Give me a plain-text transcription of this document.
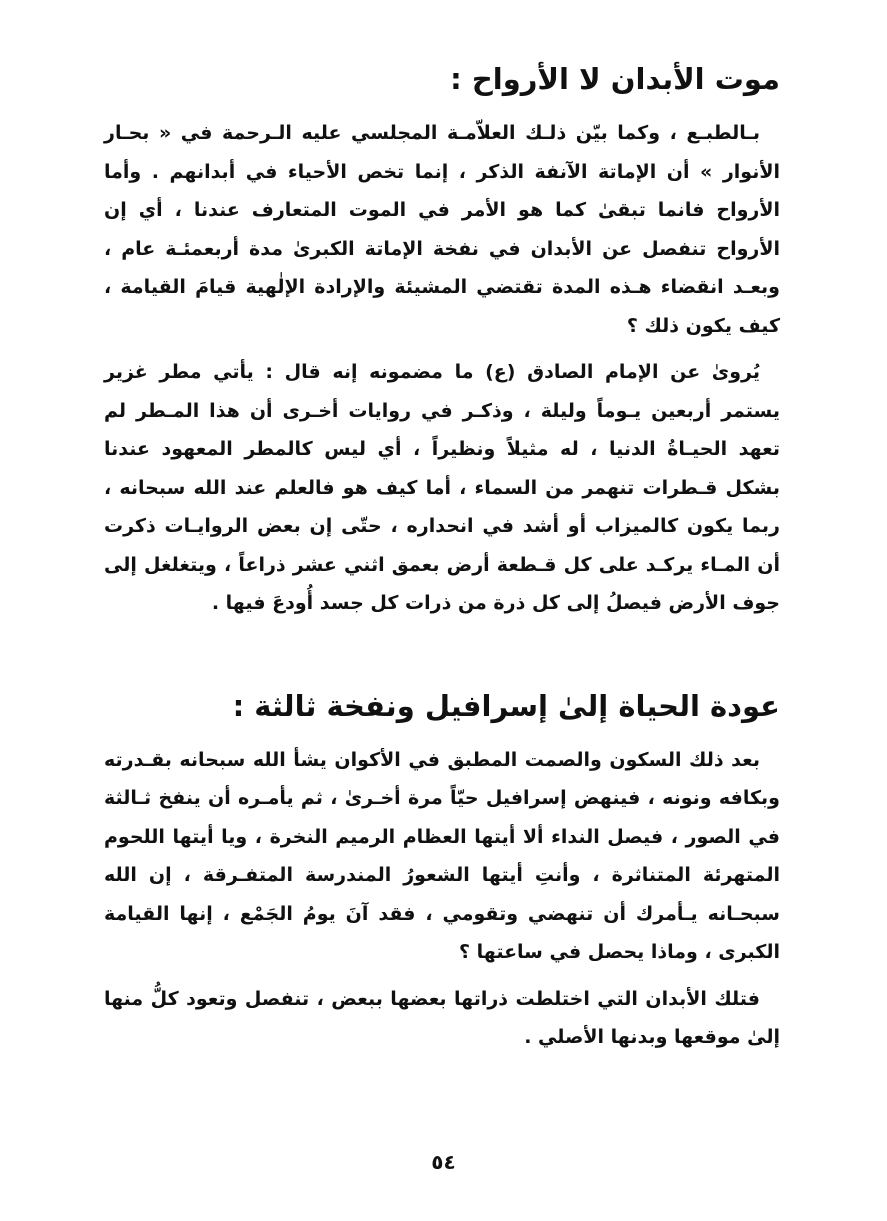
موت الأبدان لا الأرواح :

بـالطبـع ، وكما بيّن ذلـك العلاّمـة المجلسي عليه الـرحمة في « بحـار الأنوار » أن الإماتة الآنفة الذكر ، إنما تخص الأحياء في أبدانهم . وأما الأرواح فانما تبقىٰ كما هو الأمر في الموت المتعارف عندنا ، أي إن الأرواح تنفصل عن الأبدان في نفخة الإماتة الكبرىٰ مدة أربعمئـة عام ، وبعـد انقضاء هـذه المدة تقتضي المشيئة والإرادة الإلٰهية قيامَ القيامة ، كيف يكون ذلك ؟

يُروىٰ عن الإمام الصادق (ع) ما مضمونه إنه قال : يأتي مطر غزير يستمر أربعين يـوماً وليلة ، وذكـر في روايات أخـرى أن هذا المـطر لم تعهد الحيـاةُ الدنيا ، له مثيلاً ونظيراً ، أي ليس كالمطر المعهود عندنا بشكل قـطرات تنهمر من السماء ، أما كيف هو فالعلم عند الله سبحانه ، ربما يكون كالميزاب أو أشد في انحداره ، حتّى إن بعض الروايـات ذكرت أن المـاء يركـد على كل قـطعة أرض بعمق اثني عشر ذراعاً ، ويتغلغل إلى جوف الأرض فيصلُ إلى كل ذرة من ذرات كل جسد أُودعَ فيها .

عودة الحياة إلىٰ إسرافيل ونفخة ثالثة :

بعد ذلك السكون والصمت المطبق في الأكوان يشأ الله سبحانه بقـدرته وبكافه ونونه ، فينهض إسرافيل حيّاً مرة أخـرىٰ ، ثم يأمـره أن ينفخ ثـالثة في الصور ، فيصل النداء ألا أيتها العظام الرميم النخرة ، ويا أيتها اللحوم المتهرئة المتناثرة ، وأنتِ أيتها الشعورُ المندرسة المتفـرقة ، إن الله سبحـانه يـأمرك أن تنهضي وتقومي ، فقد آنَ يومُ الجَمْع ، إنها القيامة الكبرى ، وماذا يحصل في ساعتها ؟

فتلك الأبدان التي اختلطت ذراتها بعضها ببعض ، تنفصل وتعود كلُّ منها إلىٰ موقعها وبدنها الأصلي .

٥٤
